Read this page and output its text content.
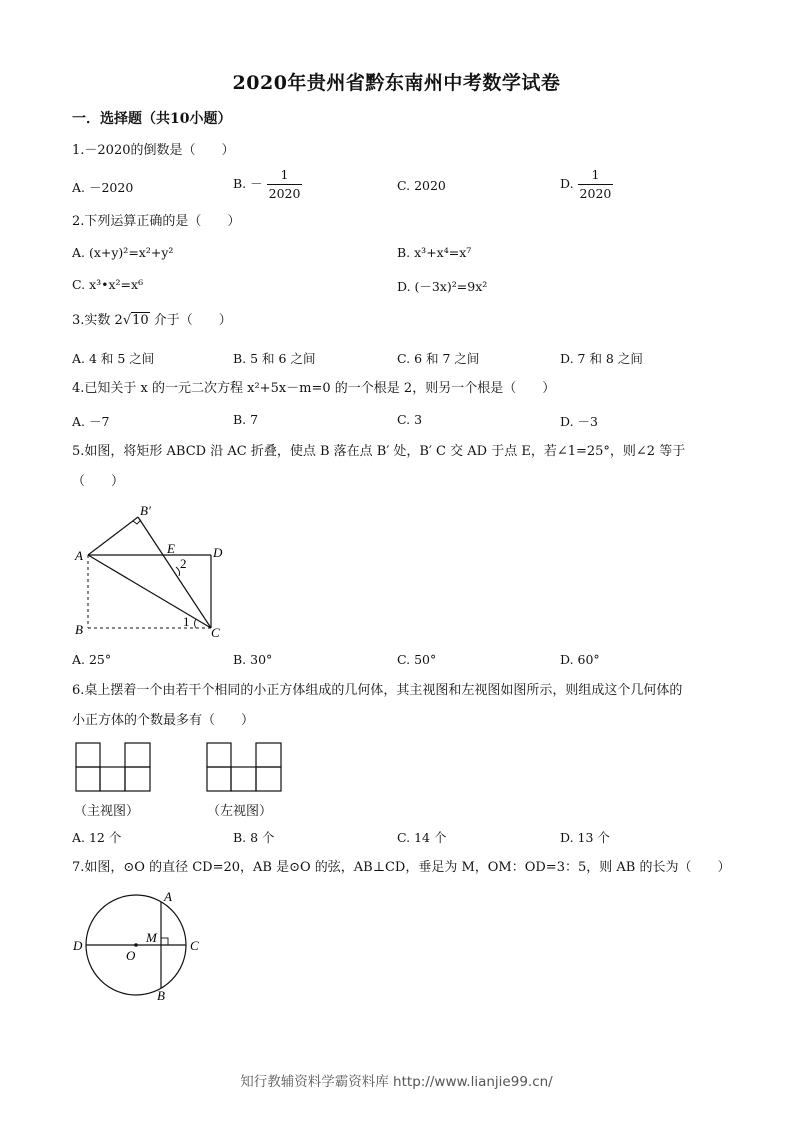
2020年贵州省黔东南州中考数学试卷
一．选择题（共10小题）
1.－2020的倒数是（　　）
A. －2020	B. － $\frac{1}{2020}$	C. 2020	D. $\frac{1}{2020}$
2.下列运算正确的是（　　）
A. (x+y)²=x²+y²	B. x³+x⁴=x⁷
C. x³•x²=x⁶	D. (－3x)²=9x²
3.实数 2√10 介于（　　）
A. 4 和 5 之间	B. 5 和 6 之间	C. 6 和 7 之间	D. 7 和 8 之间
4.已知关于 x 的一元二次方程 x²+5x－m=0 的一个根是 2，则另一个根是（　　）
A. －7	B. 7	C. 3	D. －3
5.如图，将矩形 ABCD 沿 AC 折叠，使点 B 落在点 B′ 处，B′ C 交 AD 于点 E，若∠1=25°，则∠2 等于
（　　）
A
B	C
D
E
B′
2
1
A. 25°	B. 30°	C. 50°	D. 60°
6.桌上摆着一个由若干个相同的小正方体组成的几何体，其主视图和左视图如图所示，则组成这个几何体的
小正方体的个数最多有（　　）
（主视图）	（左视图）
A. 12 个	B. 8 个	C. 14 个	D. 13 个
7.如图，⊙O 的直径 CD=20，AB 是⊙O 的弦，AB⊥CD，垂足为 M，OM：OD=3：5，则 AB 的长为（　　）
A
B
C
D
M
O
知行教辅资料学霸资料库 http://www.lianjie99.cn/
